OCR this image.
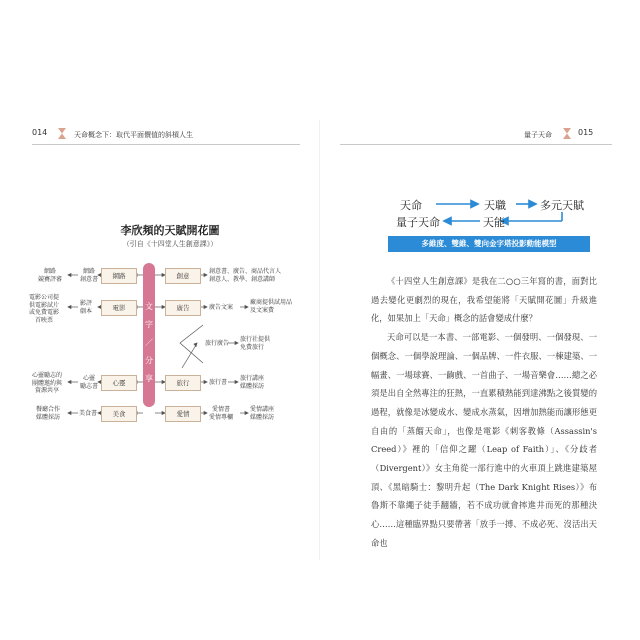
014	天命概念下：取代平面價值的斜槓人生
李欣頻的天賦開花圖
（引自《十四堂人生創意課》）
網路
競賽評審
網路
創意書	網路
電影公司提
供電影試片
或免費電影
首映票
影評
劇本	電影
心靈勵志的
團體邀約與
資源共享
心靈
勵志書	心靈
餐廳合作
媒體採訪	美食書	美食
文
字
／
分
享
創意
創意書、廣告、商品代言人
創意人、教學、創意講師
廣告	廣告文案
廠商提供試用品
及文案費
旅行廣告
旅行社提供
免費旅行
旅行	旅行書
旅行講座
媒體採訪
愛情
愛情書
愛情專欄
愛情講座
媒體採訪
量子天命	015
天命	天職	多元天賦
量子天命	天能
多維度、雙維、雙向金字塔投影動能模型

《十四堂人生創意課》是我在二○○三年寫的書，面對比過去變化更劇烈的現在，我希望能將「天賦開花圖」升級進化，如果加上「天命」概念的話會變成什麼？

天命可以是一本書、一部電影、一個發明、一個發現、一個概念、一個學說理論、一個品牌、一件衣服、一棟建築、一幅畫、一場球賽、一齣戲、一首曲子、一場音樂會……總之必須是出自全然專注的狂熱，一直累積熱能到達沸點之後質變的過程，就像是冰變成水、變成水蒸氣，因增加熱能而讓形態更自由的「蒸餾天命」，也像是電影《刺客教條（Assassin's Creed）》裡的「信仰之躍（Leap of Faith）」、《分歧者（Divergent）》女主角從一部行進中的火車頂上跳進建築屋頂、《黑暗騎士：黎明升起（The Dark Knight Rises）》布魯斯不靠繩子徒手翻牆，若不成功就會摔進井而死的那種決心……這種臨界點只要帶著「放手一搏、不成必死、沒活出天命也
